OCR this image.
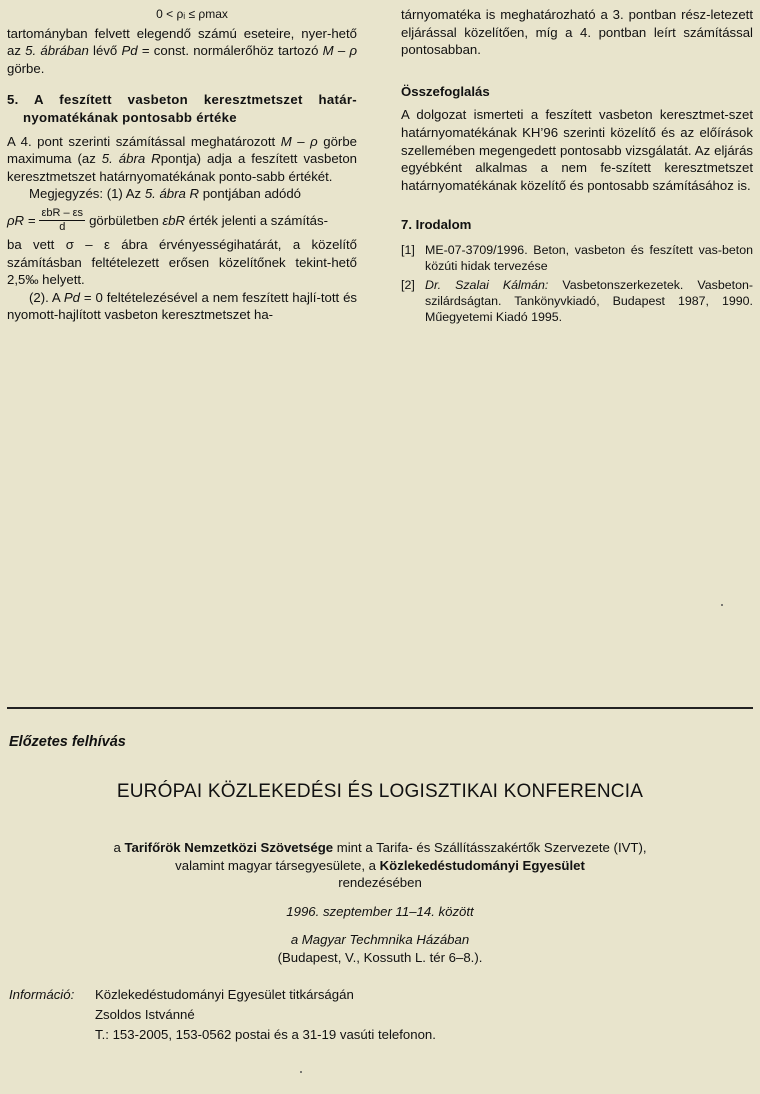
0 < ρᵢ ≤ ρmax

tartományban felvett elegendő számú eseteire, nyer-hető az 5. ábrában lévő Pd = const. normálerőhöz tartozó M – ρ görbe.

5. A feszített vasbeton keresztmetszet határ-nyomatékának pontosabb értéke

A 4. pont szerinti számítással meghatározott M – ρ görbe maximuma (az 5. ábra Rpontja) adja a feszített vasbeton keresztmetszet határnyomatékának ponto-sabb értékét.

Megjegyzés: (1) Az 5. ábra R pontjában adódó

$\rho R = \frac{\text{εbR – εs}}{d}$ görbületben εbR érték jelenti a számítás-

ba vett σ – ε ábra érvényességihatárát, a közelítő számításban feltételezett erősen közelítőnek tekint-hető 2,5‰ helyett.

(2). A Pd = 0 feltételezésével a nem feszített hajlí-tott és nyomott-hajlított vasbeton keresztmetszet ha-

tárnyomatéka is meghatározható a 3. pontban rész-letezett eljárással közelítően, míg a 4. pontban leírt számítással pontosabban.

Összefoglalás

A dolgozat ismerteti a feszített vasbeton keresztmet-szet határnyomatékának KH’96 szerinti közelítő és az előírások szellemében megengedett pontosabb vizsgálatát. Az eljárás egyébként alkalmas a nem fe-szített keresztmetszet határnyomatékának közelítő és pontosabb számításához is.

7. Irodalom
[1] ME-07-3709/1996. Beton, vasbeton és feszített vas-beton közúti hidak tervezése
[2] Dr. Szalai Kálmán: Vasbetonszerkezetek. Vasbeton-szilárdságtan. Tankönyvkiadó, Budapest 1987, 1990. Műegyetemi Kiadó 1995.
Előzetes felhívás
EURÓPAI KÖZLEKEDÉSI ÉS LOGISZTIKAI KONFERENCIA
a Tarifőrök Nemzetközi Szövetsége mint a Tarifa- és Szállításszakértők Szervezete (IVT),
valamint magyar társegyesülete, a Közlekedéstudományi Egyesület
rendezésében
1996. szeptember 11–14. között
a Magyar Techmnika Házában
(Budapest, V., Kossuth L. tér 6–8.).
Információ:	Közlekedéstudományi Egyesület titkárságán
Zsoldos Istvánné
T.: 153-2005, 153-0562 postai és a 31-19 vasúti telefonon.
